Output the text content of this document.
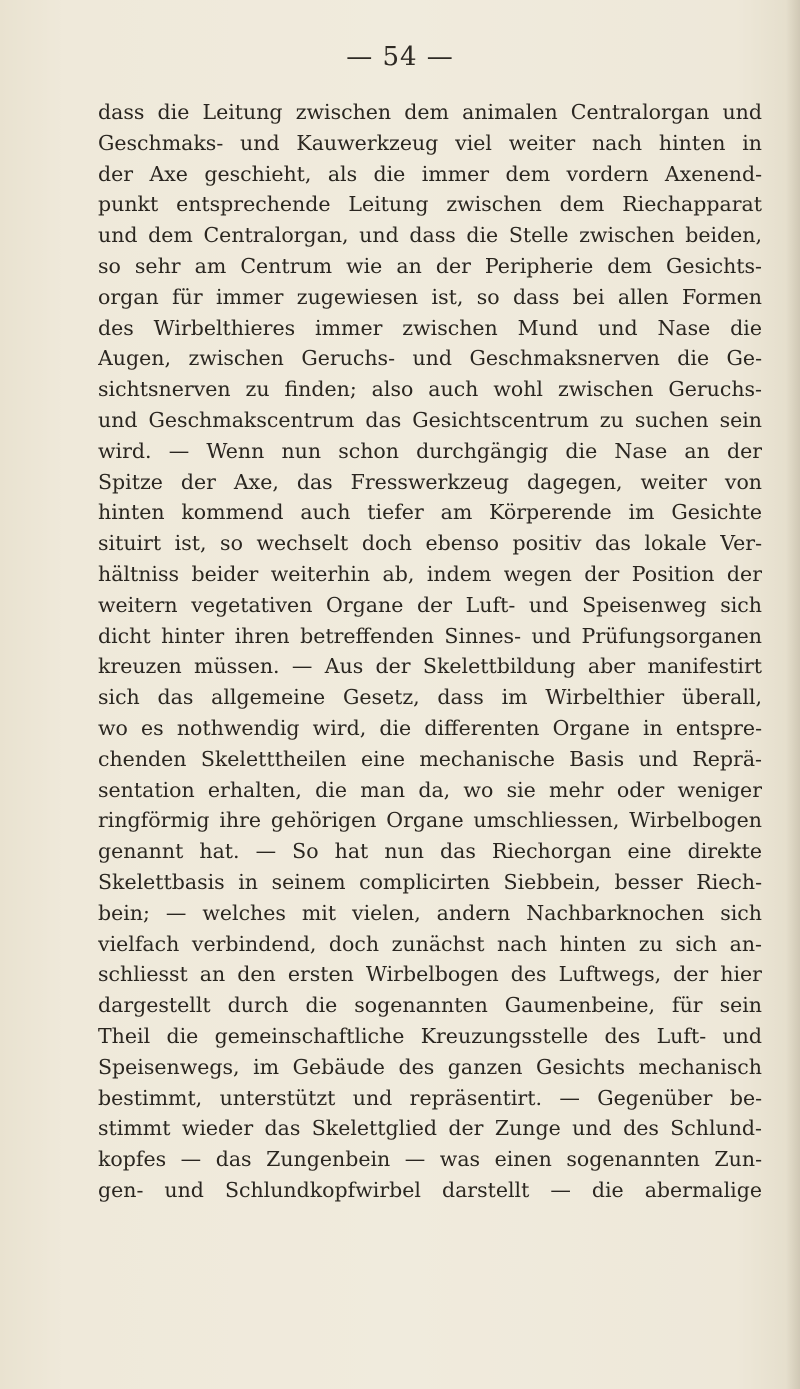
— 54 —
dass die Leitung zwischen dem animalen Centralorgan und
Geschmaks- und Kauwerkzeug viel weiter nach hinten in
der Axe geschieht, als die immer dem vordern Axenend-
punkt entsprechende Leitung zwischen dem Riechapparat
und dem Centralorgan, und dass die Stelle zwischen beiden,
so sehr am Centrum wie an der Peripherie dem Gesichts-
organ für immer zugewiesen ist, so dass bei allen Formen
des Wirbelthieres immer zwischen Mund und Nase die
Augen, zwischen Geruchs- und Geschmaksnerven die Ge-
sichtsnerven zu finden; also auch wohl zwischen Geruchs-
und Geschmakscentrum das Gesichtscentrum zu suchen sein
wird. — Wenn nun schon durchgängig die Nase an der
Spitze der Axe, das Fresswerkzeug dagegen, weiter von
hinten kommend auch tiefer am Körperende im Gesichte
situirt ist, so wechselt doch ebenso positiv das lokale Ver-
hältniss beider weiterhin ab, indem wegen der Position der
weitern vegetativen Organe der Luft- und Speisenweg sich
dicht hinter ihren betreffenden Sinnes- und Prüfungsorganen
kreuzen müssen. — Aus der Skelettbildung aber manifestirt
sich das allgemeine Gesetz, dass im Wirbelthier überall,
wo es nothwendig wird, die differenten Organe in entspre-
chenden Skeletttheilen eine mechanische Basis und Reprä-
sentation erhalten, die man da, wo sie mehr oder weniger
ringförmig ihre gehörigen Organe umschliessen, Wirbelbogen
genannt hat. — So hat nun das Riechorgan eine direkte
Skelettbasis in seinem complicirten Siebbein, besser Riech-
bein; — welches mit vielen, andern Nachbarknochen sich
vielfach verbindend, doch zunächst nach hinten zu sich an-
schliesst an den ersten Wirbelbogen des Luftwegs, der hier
dargestellt durch die sogenannten Gaumenbeine, für sein
Theil die gemeinschaftliche Kreuzungsstelle des Luft- und
Speisenwegs, im Gebäude des ganzen Gesichts mechanisch
bestimmt, unterstützt und repräsentirt. — Gegenüber be-
stimmt wieder das Skelettglied der Zunge und des Schlund-
kopfes — das Zungenbein — was einen sogenannten Zun-
gen- und Schlundkopfwirbel darstellt — die abermalige
